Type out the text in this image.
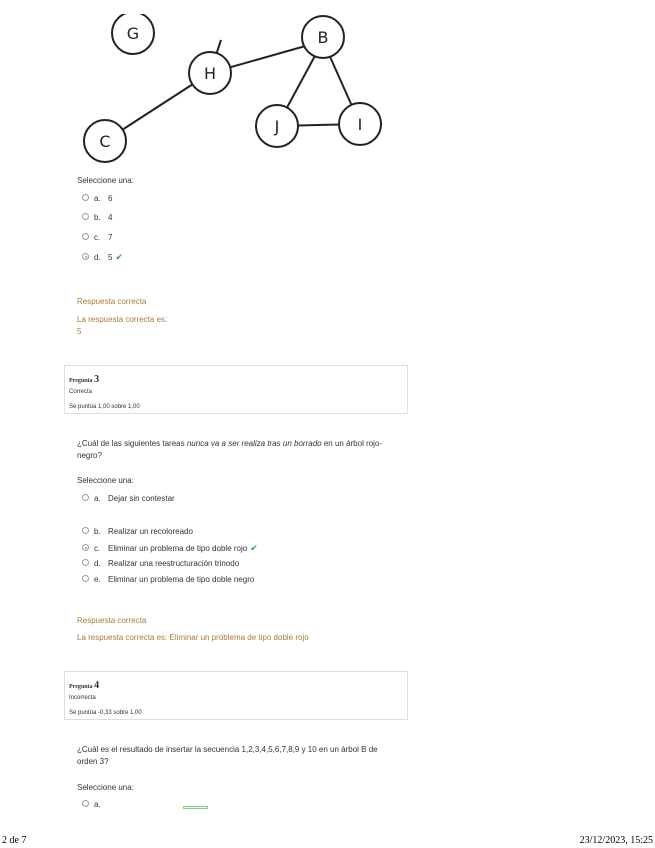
G	B
H
J	I
C
Seleccione una:
a. 6
b. 4
c. 7
d. 5 ✔
Respuesta correcta
La respuesta correcta es:
5
Pregunta 3
Correcta
Se puntúa 1,00 sobre 1,00
¿Cuál de las siguientes tareas nunca va a ser realiza tras un borrado en un árbol rojo-negro?
Seleccione una:
a. Dejar sin contestar
b. Realizar un recoloreado
c. Eliminar un problema de tipo doble rojo ✔
d. Realizar una reestructuración trinodo
e. Eliminar un problema de tipo doble negro
Respuesta correcta
La respuesta correcta es: Eliminar un problema de tipo doble rojo
Pregunta 4
Incorrecta
Se puntúa -0,33 sobre 1,00
¿Cuál es el resultado de insertar la secuencia 1,2,3,4,5,6,7,8,9 y 10 en un árbol B de orden 3?
Seleccione una:
a.
2 de 7	23/12/2023, 15:25
